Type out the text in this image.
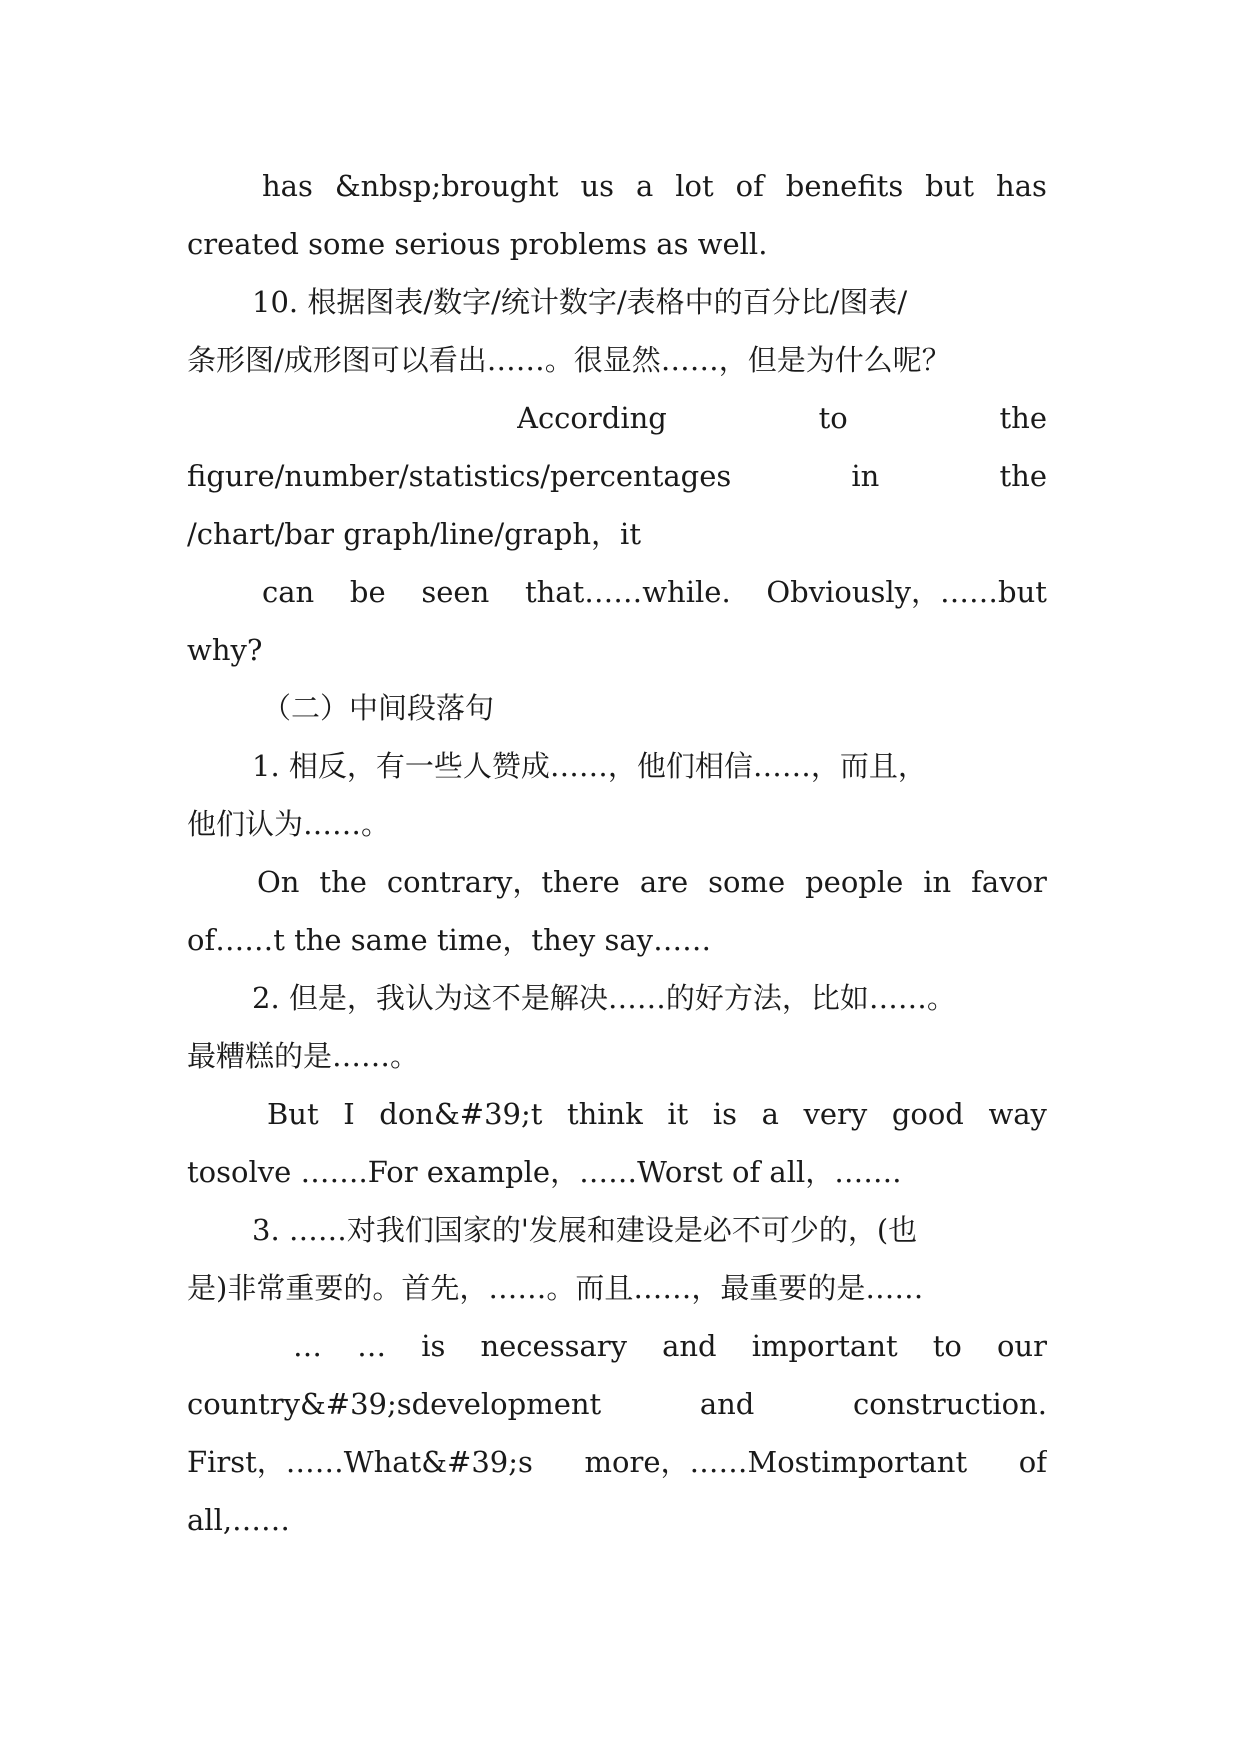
has &nbsp;brought us a lot of benefits but has
created some serious problems as well.
10. 根据图表/数字/统计数字/表格中的百分比/图表/
条形图/成形图可以看出……。很显然……，但是为什么呢？
According	to	the
figure/number/statistics/percentages	in	the
/chart/bar graph/line/graph，it
can be seen that……while. Obviously，……but
why?
（二）中间段落句
1. 相反，有一些人赞成……，他们相信……，而且，
他们认为……。
On the contrary，there are some people in favor
of……t the same time，they say……
2. 但是，我认为这不是解决……的好方法，比如……。
最糟糕的是……。
But I don&#39;t think it is a very good way
tosolve …….For example，……Worst of all，…….
3. ……对我们国家的'发展和建设是必不可少的，(也
是)非常重要的。首先，……。而且……，最重要的是……
… … is necessary and important to our
country&#39;sdevelopment	and	construction.
First，……What&#39;s more，……Mostimportant of
all,……
